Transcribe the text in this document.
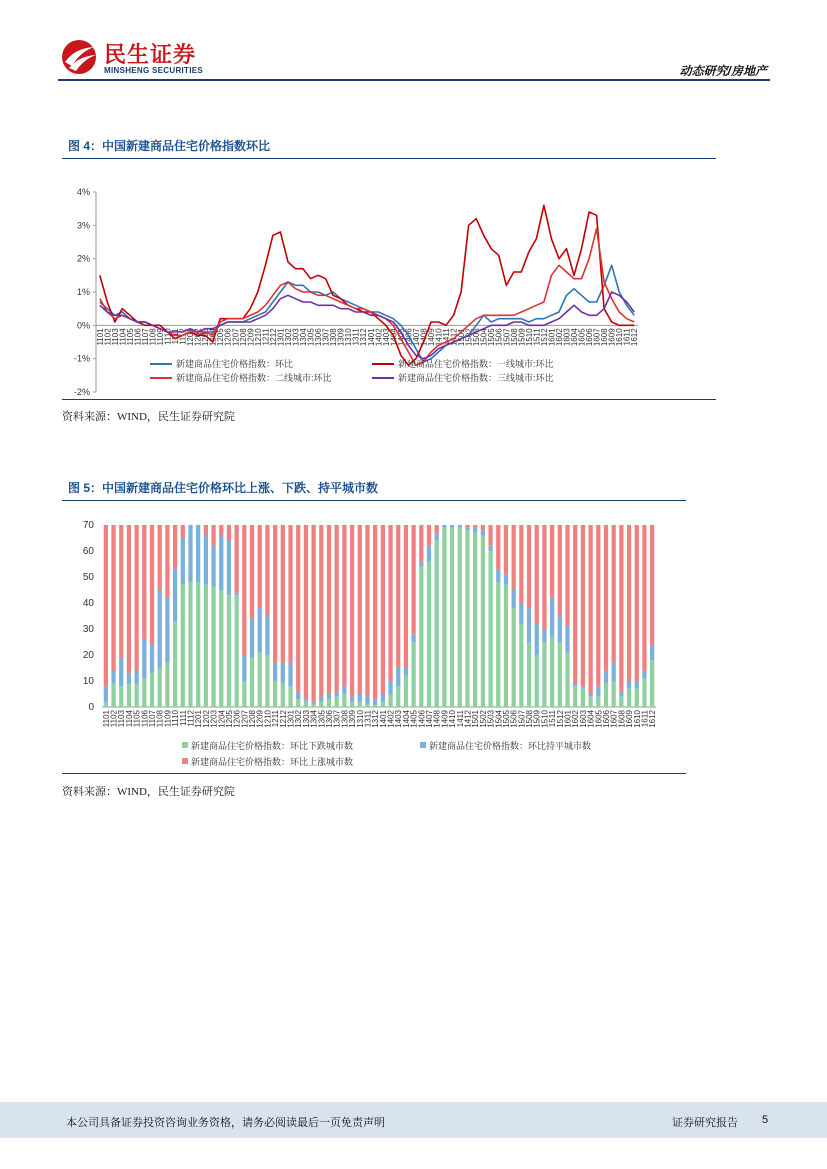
民生证券
MINSHENG SECURITIES	动态研究/房地产
图 4：中国新建商品住宅价格指数环比
-2%
-1%
0%
1%
2%
3%
4%
1101
1102
1103
1104
1105
1106
1107
1108
1109
1110
1111
1112
1201
1202
1203
1204
1205
1206
1207
1208
1209
1210
1211
1212
1301
1302
1303
1304
1305
1306
1307
1308
1309
1310
1311
1312
1401
1402
1403
1404
1405
1406
1407
1408
1409
1410
1411
1412
1501
1502
1503
1504
1505
1506
1507
1508
1509
1510
1511
1512
1601
1602
1603
1604
1605
1606
1607
1608
1609
1610
1611
1612
新建商品住宅价格指数：环比	新建商品住宅价格指数：一线城市:环比
新建商品住宅价格指数：二线城市:环比	新建商品住宅价格指数：三线城市:环比
资料来源：WIND，民生证券研究院
图 5：中国新建商品住宅价格环比上涨、下跌、持平城市数
0
10
20
30
40
50
60
70
1101
1102
1103
1104
1105
1106
1107
1108
1109
1110
1111
1112
1201
1202
1203
1204
1205
1206
1207
1208
1209
1210
1211
1212
1301
1302
1303
1304
1305
1306
1307
1308
1309
1310
1311
1312
1401
1402
1403
1404
1405
1406
1407
1408
1409
1410
1411
1412
1501
1502
1503
1504
1505
1506
1507
1508
1509
1510
1511
1512
1601
1602
1603
1604
1605
1606
1607
1608
1609
1610
1611
1612
新建商品住宅价格指数：环比下跌城市数	新建商品住宅价格指数：环比持平城市数
新建商品住宅价格指数：环比上涨城市数
资料来源：WIND，民生证券研究院
本公司具备证券投资咨询业务资格，请务必阅读最后一页免责声明	证券研究报告 5
